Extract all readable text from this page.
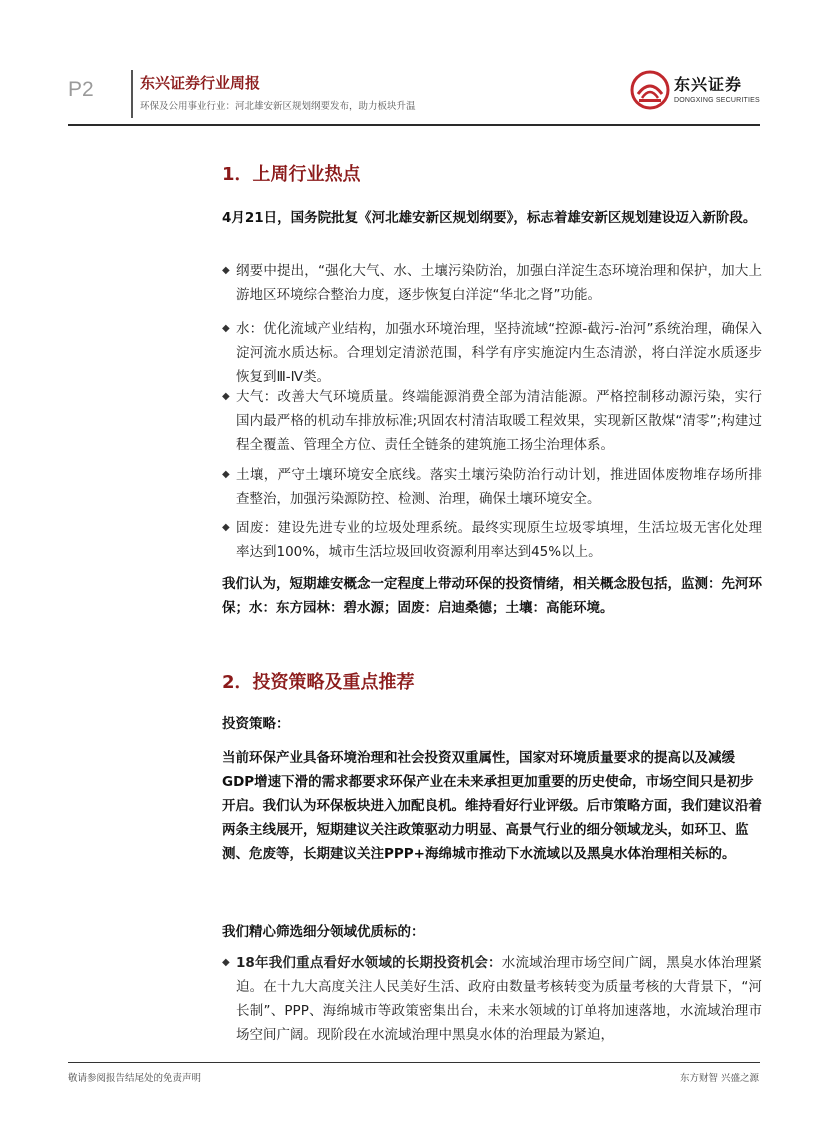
P2	东兴证券行业周报
环保及公用事业行业：河北雄安新区规划纲要发布，助力板块升温
东兴证券
DONGXING SECURITIES
1．上周行业热点
4月21日，国务院批复《河北雄安新区规划纲要》，标志着雄安新区规划建设迈入新阶段。
◆ 纲要中提出，“强化大气、水、土壤污染防治，加强白洋淀生态环境治理和保护，加大上游地区环境综合整治力度，逐步恢复白洋淀“华北之肾”功能。
◆ 水：优化流域产业结构，加强水环境治理，坚持流域“控源-截污-治河”系统治理，确保入淀河流水质达标。合理划定清淤范围，科学有序实施淀内生态清淤，将白洋淀水质逐步恢复到Ⅲ-Ⅳ类。
◆ 大气：改善大气环境质量。终端能源消费全部为清洁能源。严格控制移动源污染，实行国内最严格的机动车排放标准;巩固农村清洁取暖工程效果，实现新区散煤“清零”;构建过程全覆盖、管理全方位、责任全链条的建筑施工扬尘治理体系。
◆ 土壤，严守土壤环境安全底线。落实土壤污染防治行动计划，推进固体废物堆存场所排查整治，加强污染源防控、检测、治理，确保土壤环境安全。
◆ 固废：建设先进专业的垃圾处理系统。最终实现原生垃圾零填埋，生活垃圾无害化处理率达到100%，城市生活垃圾回收资源利用率达到45%以上。
我们认为，短期雄安概念一定程度上带动环保的投资情绪，相关概念股包括，监测：先河环保；水：东方园林：碧水源；固废：启迪桑德；土壤：高能环境。
2．投资策略及重点推荐
投资策略：
当前环保产业具备环境治理和社会投资双重属性，国家对环境质量要求的提高以及减缓GDP增速下滑的需求都要求环保产业在未来承担更加重要的历史使命，市场空间只是初步开启。我们认为环保板块进入加配良机。维持看好行业评级。后市策略方面，我们建议沿着两条主线展开，短期建议关注政策驱动力明显、高景气行业的细分领域龙头，如环卫、监测、危废等，长期建议关注PPP+海绵城市推动下水流域以及黑臭水体治理相关标的。
我们精心筛选细分领域优质标的：
◆ 18年我们重点看好水领域的长期投资机会：水流域治理市场空间广阔，黑臭水体治理紧迫。在十九大高度关注人民美好生活、政府由数量考核转变为质量考核的大背景下，“河长制”、PPP、海绵城市等政策密集出台，未来水领域的订单将加速落地，水流域治理市场空间广阔。现阶段在水流域治理中黑臭水体的治理最为紧迫，
敬请参阅报告结尾处的免责声明	东方财智 兴盛之源
